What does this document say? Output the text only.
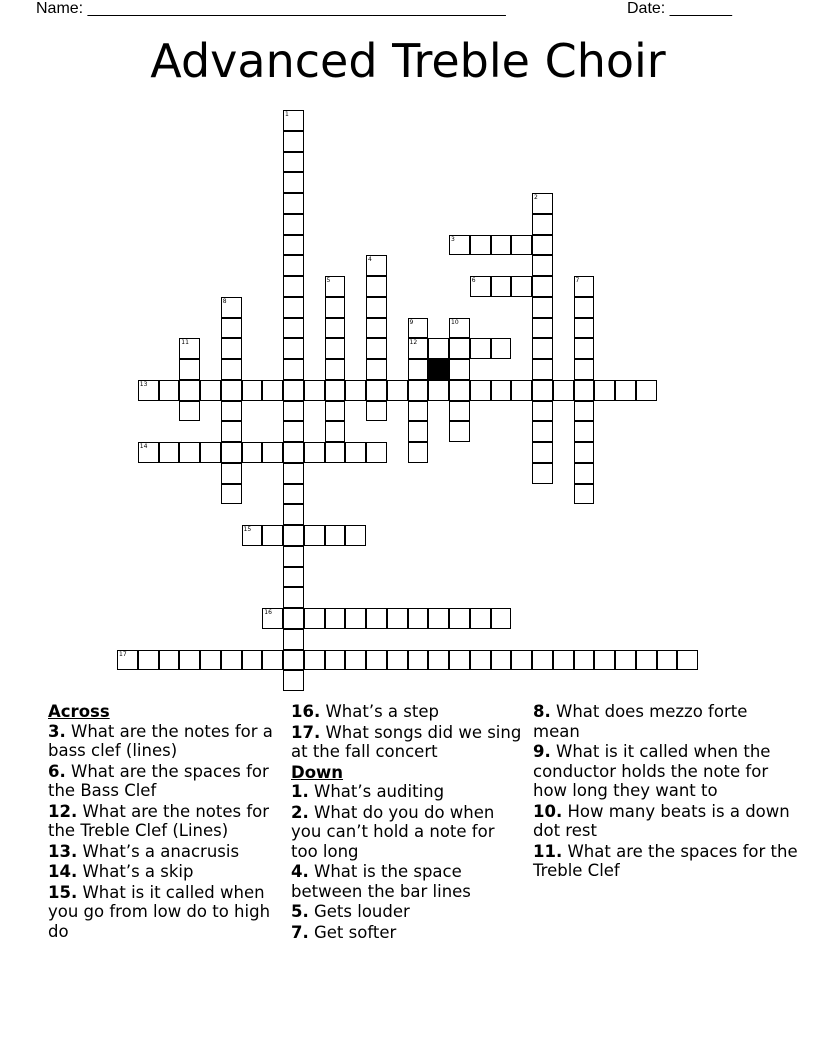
Name: _______________________________________________	Date: _______
Advanced Treble Choir
1
2
3
4
5	6	7
8
9
12
10
11
13
14
15
16
17
Across
3. What are the notes for a bass clef (lines)
6. What are the spaces for the Bass Clef
12. What are the notes for the Treble Clef (Lines)
13. What’s a anacrusis
14. What’s a skip
15. What is it called when you go from low do to high do
16. What’s a step
17. What songs did we sing at the fall concert
Down
1. What’s auditing
2. What do you do when you can’t hold a note for too long
4. What is the space between the bar lines
5. Gets louder
7. Get softer
8. What does mezzo forte mean
9. What is it called when the conductor holds the note for how long they want to
10. How many beats is a down dot rest
11. What are the spaces for the Treble Clef
